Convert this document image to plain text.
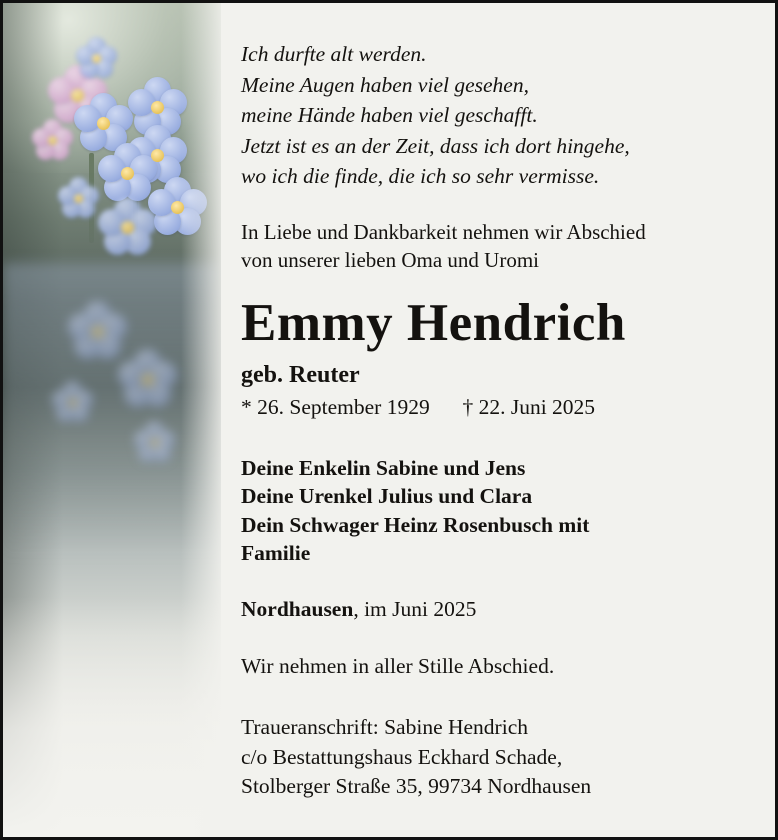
Ich durfte alt werden.
Meine Augen haben viel gesehen,
meine Hände haben viel geschafft.
Jetzt ist es an der Zeit, dass ich dort hingehe,
wo ich die finde, die ich so sehr vermisse.
In Liebe und Dankbarkeit nehmen wir Abschied
von unserer lieben Oma und Uromi
Emmy Hendrich
geb. Reuter
* 26. September 1929 † 22. Juni 2025
Deine Enkelin Sabine und Jens
Deine Urenkel Julius und Clara
Dein Schwager Heinz Rosenbusch mit
Familie
Nordhausen, im Juni 2025
Wir nehmen in aller Stille Abschied.
Traueranschrift: Sabine Hendrich
c/o Bestattungshaus Eckhard Schade,
Stolberger Straße 35, 99734 Nordhausen
